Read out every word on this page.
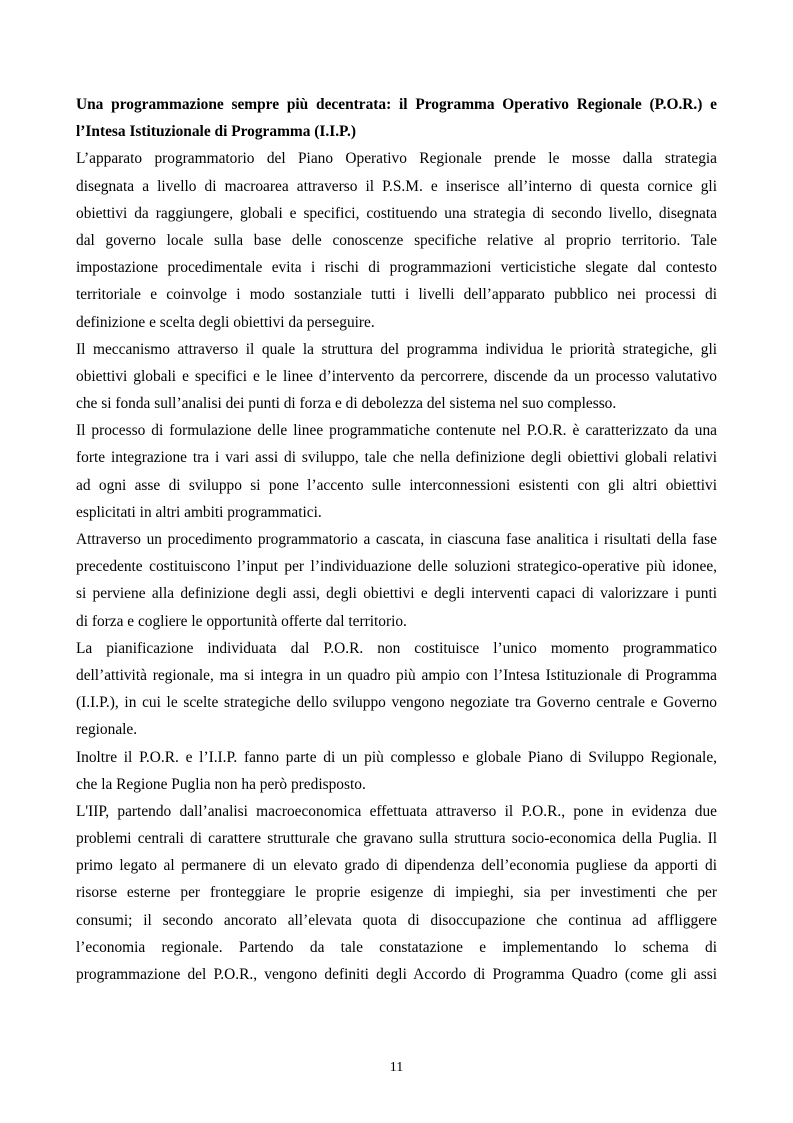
Una programmazione sempre più decentrata: il Programma Operativo Regionale (P.O.R.) e
l’Intesa Istituzionale di Programma (I.I.P.)
L’apparato programmatorio del Piano Operativo Regionale prende le mosse dalla strategia
disegnata a livello di macroarea attraverso il P.S.M. e inserisce all’interno di questa cornice gli
obiettivi da raggiungere, globali e specifici, costituendo una strategia di secondo livello, disegnata
dal governo locale sulla base delle conoscenze specifiche relative al proprio territorio. Tale
impostazione procedimentale evita i rischi di programmazioni verticistiche slegate dal contesto
territoriale e coinvolge i modo sostanziale tutti i livelli dell’apparato pubblico nei processi di
definizione e scelta degli obiettivi da perseguire.
Il meccanismo attraverso il quale la struttura del programma individua le priorità strategiche, gli
obiettivi globali e specifici e le linee d’intervento da percorrere, discende da un processo valutativo
che si fonda sull’analisi dei punti di forza e di debolezza del sistema nel suo complesso.
Il processo di formulazione delle linee programmatiche contenute nel P.O.R. è caratterizzato da una
forte integrazione tra i vari assi di sviluppo, tale che nella definizione degli obiettivi globali relativi
ad ogni asse di sviluppo si pone l’accento sulle interconnessioni esistenti con gli altri obiettivi
esplicitati in altri ambiti programmatici.
Attraverso un procedimento programmatorio a cascata, in ciascuna fase analitica i risultati della fase
precedente costituiscono l’input per l’individuazione delle soluzioni strategico-operative più idonee,
si perviene alla definizione degli assi, degli obiettivi e degli interventi capaci di valorizzare i punti
di forza e cogliere le opportunità offerte dal territorio.
La pianificazione individuata dal P.O.R. non costituisce l’unico momento programmatico
dell’attività regionale, ma si integra in un quadro più ampio con l’Intesa Istituzionale di Programma
(I.I.P.), in cui le scelte strategiche dello sviluppo vengono negoziate tra Governo centrale e Governo
regionale.
Inoltre il P.O.R. e l’I.I.P. fanno parte di un più complesso e globale Piano di Sviluppo Regionale,
che la Regione Puglia non ha però predisposto.
L'IIP, partendo dall’analisi macroeconomica effettuata attraverso il P.O.R., pone in evidenza due
problemi centrali di carattere strutturale che gravano sulla struttura socio-economica della Puglia. Il
primo legato al permanere di un elevato grado di dipendenza dell’economia pugliese da apporti di
risorse esterne per fronteggiare le proprie esigenze di impieghi, sia per investimenti che per
consumi; il secondo ancorato all’elevata quota di disoccupazione che continua ad affliggere
l’economia regionale. Partendo da tale constatazione e implementando lo schema di
programmazione del P.O.R., vengono definiti degli Accordo di Programma Quadro (come gli assi
11
